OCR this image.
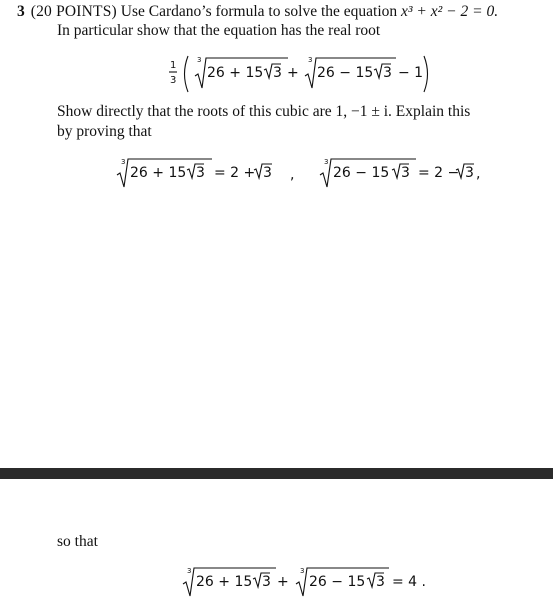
3 (20 POINTS) Use Cardano’s formula to solve the equation x³ + x² − 2 = 0.
In particular show that the equation has the real root
1
3
3
26 + 15 3 +
3
26 − 15 3 − 1
Show directly that the roots of this cubic are 1, −1 ± i. Explain this
by proving that
3
26 + 15 3 = 2 + 3 ,
3
26 − 15 3 = 2 − 3 ,
so that
3
26 + 15 3 +
3
26 − 15 3 = 4 .
